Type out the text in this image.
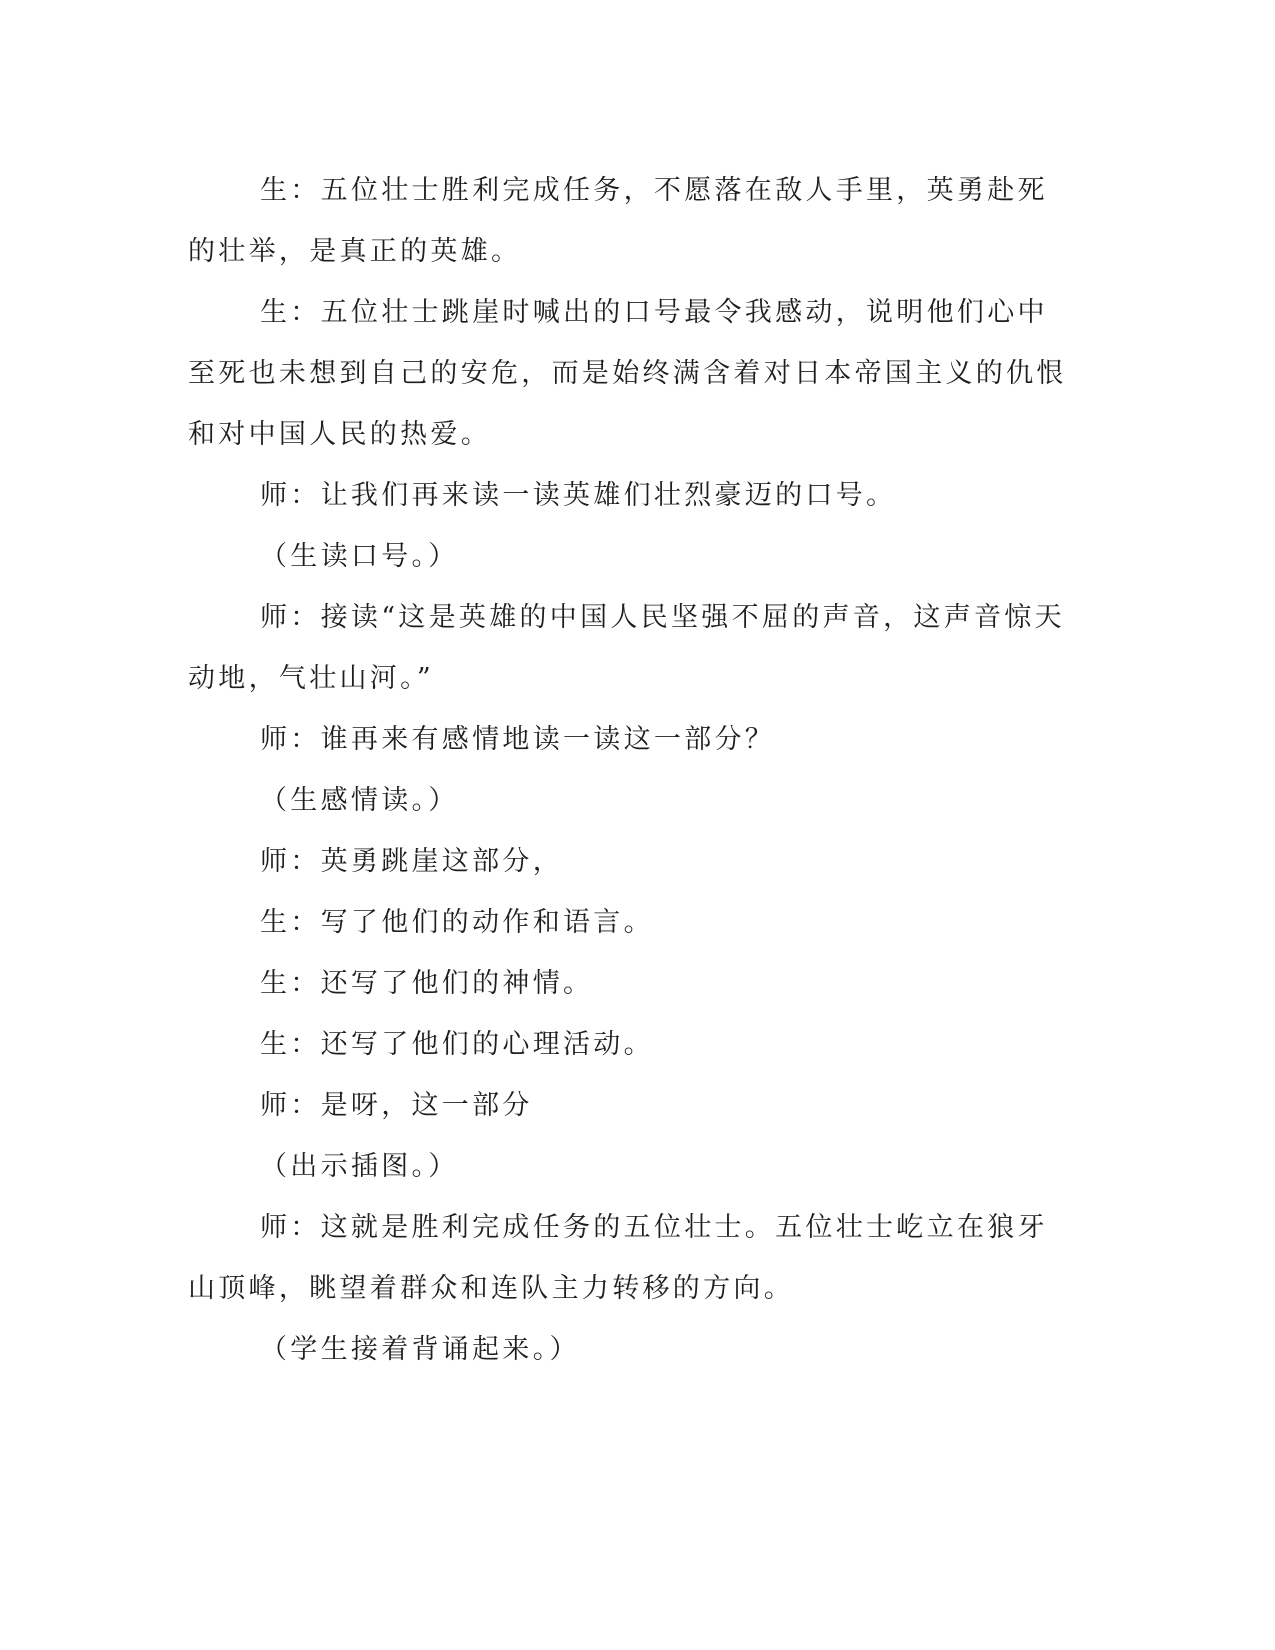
生：五位壮士胜利完成任务，不愿落在敌人手里，英勇赴死的壮举，是真正的英雄。

生：五位壮士跳崖时喊出的口号最令我感动，说明他们心中至死也未想到自己的安危，而是始终满含着对日本帝国主义的仇恨和对中国人民的热爱。

师：让我们再来读一读英雄们壮烈豪迈的口号。

（生读口号。）

师：接读“这是英雄的中国人民坚强不屈的声音，这声音惊天动地，气壮山河。”

师：谁再来有感情地读一读这一部分？

（生感情读。）

师：英勇跳崖这部分，

生：写了他们的动作和语言。

生：还写了他们的神情。

生：还写了他们的心理活动。

师：是呀，这一部分

（出示插图。）

师：这就是胜利完成任务的五位壮士。五位壮士屹立在狼牙山顶峰，眺望着群众和连队主力转移的方向。

（学生接着背诵起来。）
